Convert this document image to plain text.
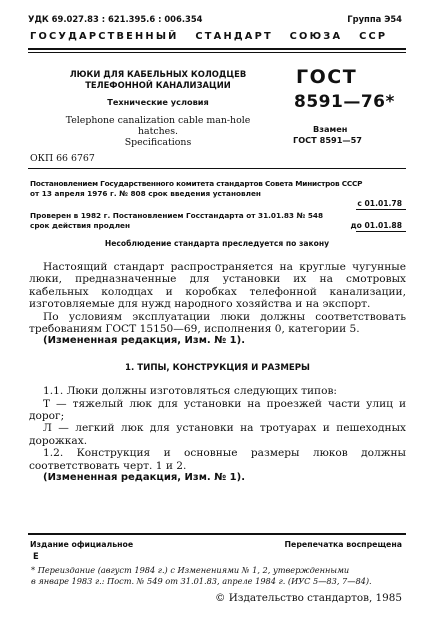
УДК 69.027.83 : 621.395.6 : 006.354	Группа Э54
ГОСУДАРСТВЕННЫЙ   СТАНДАРТ   СОЮЗА   ССР
ЛЮКИ ДЛЯ КАБЕЛЬНЫХ КОЛОДЦЕВ
ТЕЛЕФОННОЙ КАНАЛИЗАЦИИ
Технические условия
Telephone canalization cable man-hole
hatches.
Specifications
ОКП 66 6767
ГОСТ
8591—76*
Взамен
ГОСТ 8591—57
Постановлением Государственного комитета стандартов Совета Министров СССР
от 13 апреля 1976 г. № 808 срок введения установлен
с 01.01.78
Проверен в 1982 г. Постановлением Госстандарта от 31.01.83 № 548
срок действия продлен	до 01.01.88
Несоблюдение стандарта преследуется по закону

Настоящий стандарт распространяется на круглые чугунные люки, предназначенные для установки их на смотровых кабельных колодцах и коробках телефонной канализации, изготовляемые для нужд народного хозяйства и на экспорт.

По условиям эксплуатации люки должны соответствовать требованиям ГОСТ 15150—69, исполнения 0, категории 5.

(Измененная редакция, Изм. № 1).

1. ТИПЫ, КОНСТРУКЦИЯ И РАЗМЕРЫ

1.1. Люки должны изготовляться следующих типов:

Т — тяжелый люк для установки на проезжей части улиц и дорог;

Л — легкий люк для установки на тротуарах и пешеходных дорожках.

1.2. Конструкция и основные размеры люков должны соответствовать черт. 1 и 2.

(Измененная редакция, Изм. № 1).

Издание официальное	Перепечатка воспрещена
Е
* Переиздание (август 1984 г.) с Изменениями № 1, 2, утвержденными
в январе 1983 г.: Пост. № 549 от 31.01.83, апреле 1984 г. (ИУС 5—83, 7—84).
© Издательство стандартов, 1985
